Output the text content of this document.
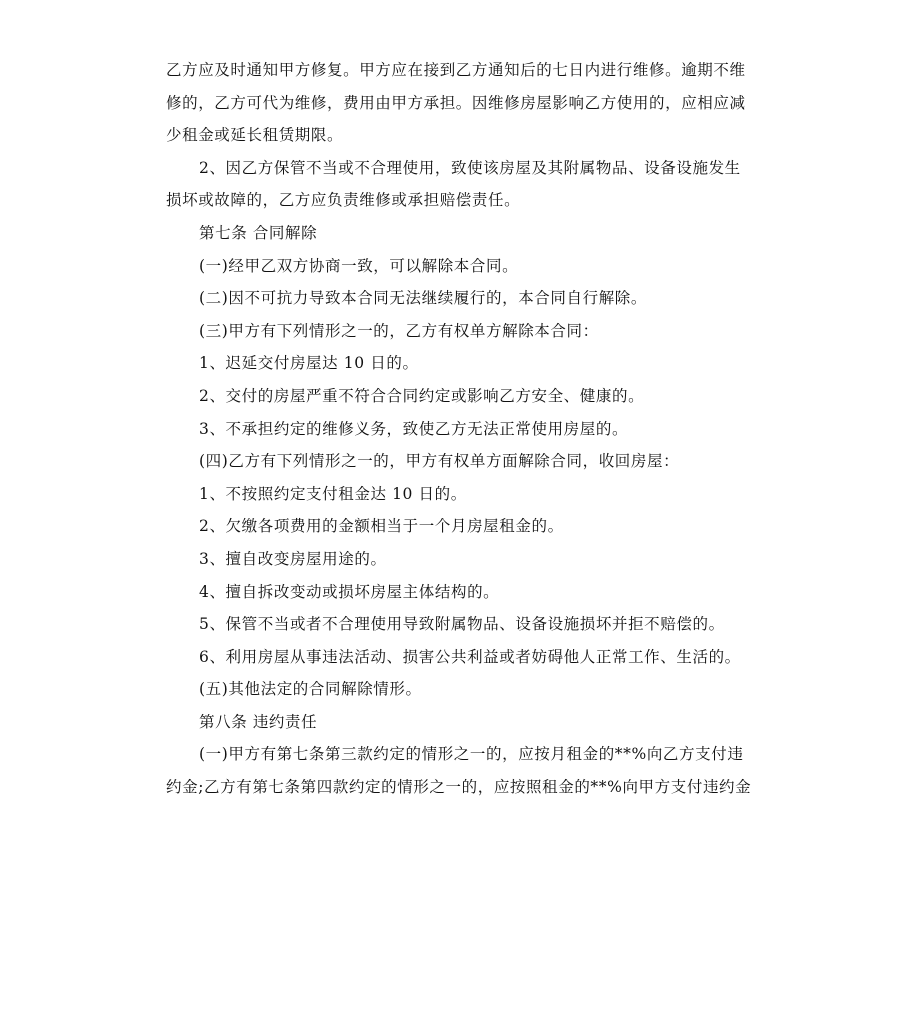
乙方应及时通知甲方修复。甲方应在接到乙方通知后的七日内进行维修。逾期不维
修的，乙方可代为维修，费用由甲方承担。因维修房屋影响乙方使用的，应相应减
少租金或延长租赁期限。
2、因乙方保管不当或不合理使用，致使该房屋及其附属物品、设备设施发生
损坏或故障的，乙方应负责维修或承担赔偿责任。
第七条 合同解除
(一)经甲乙双方协商一致，可以解除本合同。
(二)因不可抗力导致本合同无法继续履行的，本合同自行解除。
(三)甲方有下列情形之一的，乙方有权单方解除本合同：
1、迟延交付房屋达 10 日的。
2、交付的房屋严重不符合合同约定或影响乙方安全、健康的。
3、不承担约定的维修义务，致使乙方无法正常使用房屋的。
(四)乙方有下列情形之一的，甲方有权单方面解除合同，收回房屋：
1、不按照约定支付租金达 10 日的。
2、欠缴各项费用的金额相当于一个月房屋租金的。
3、擅自改变房屋用途的。
4、擅自拆改变动或损坏房屋主体结构的。
5、保管不当或者不合理使用导致附属物品、设备设施损坏并拒不赔偿的。
6、利用房屋从事违法活动、损害公共利益或者妨碍他人正常工作、生活的。
(五)其他法定的合同解除情形。
第八条 违约责任
(一)甲方有第七条第三款约定的情形之一的，应按月租金的**%向乙方支付违
约金;乙方有第七条第四款约定的情形之一的，应按照租金的**%向甲方支付违约金
